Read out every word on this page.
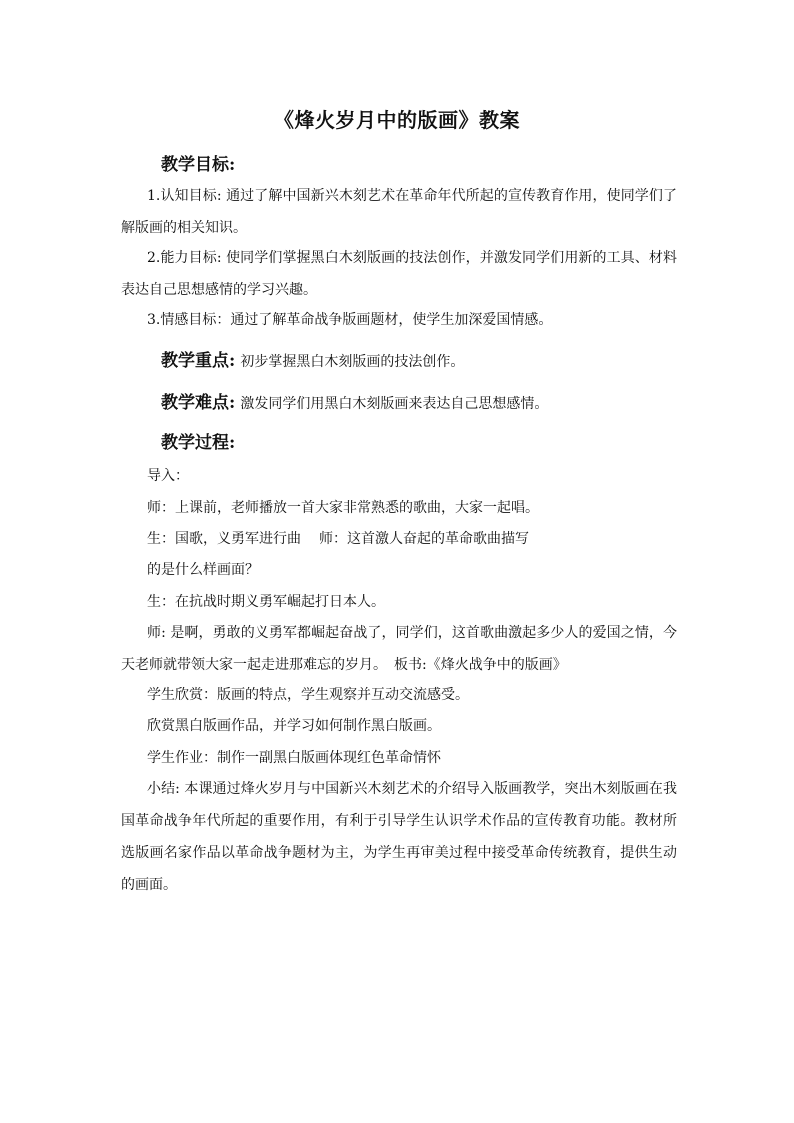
《烽火岁月中的版画》教案
教学目标:
1.认知目标: 通过了解中国新兴木刻艺术在革命年代所起的宣传教育作用，使同学们了解版画的相关知识。
2.能力目标: 使同学们掌握黑白木刻版画的技法创作，并激发同学们用新的工具、材料表达自己思想感情的学习兴趣。
3.情感目标：通过了解革命战争版画题材，使学生加深爱国情感。
教学重点: 初步掌握黑白木刻版画的技法创作。
教学难点: 激发同学们用黑白木刻版画来表达自己思想感情。
教学过程:
导入：
师：上课前，老师播放一首大家非常熟悉的歌曲，大家一起唱。
生：国歌，义勇军进行曲 师：这首激人奋起的革命歌曲描写
的是什么样画面？
生：在抗战时期义勇军崛起打日本人。
师: 是啊，勇敢的义勇军都崛起奋战了，同学们，这首歌曲激起多少人的爱国之情，今天老师就带领大家一起走进那难忘的岁月。　板书:《烽火战争中的版画》
学生欣赏：版画的特点，学生观察并互动交流感受。
欣赏黑白版画作品，并学习如何制作黑白版画。
学生作业：制作一副黑白版画体现红色革命情怀
小结: 本课通过烽火岁月与中国新兴木刻艺术的介绍导入版画教学，突出木刻版画在我国革命战争年代所起的重要作用，有利于引导学生认识学术作品的宣传教育功能。教材所选版画名家作品以革命战争题材为主，为学生再审美过程中接受革命传统教育，提供生动的画面。
